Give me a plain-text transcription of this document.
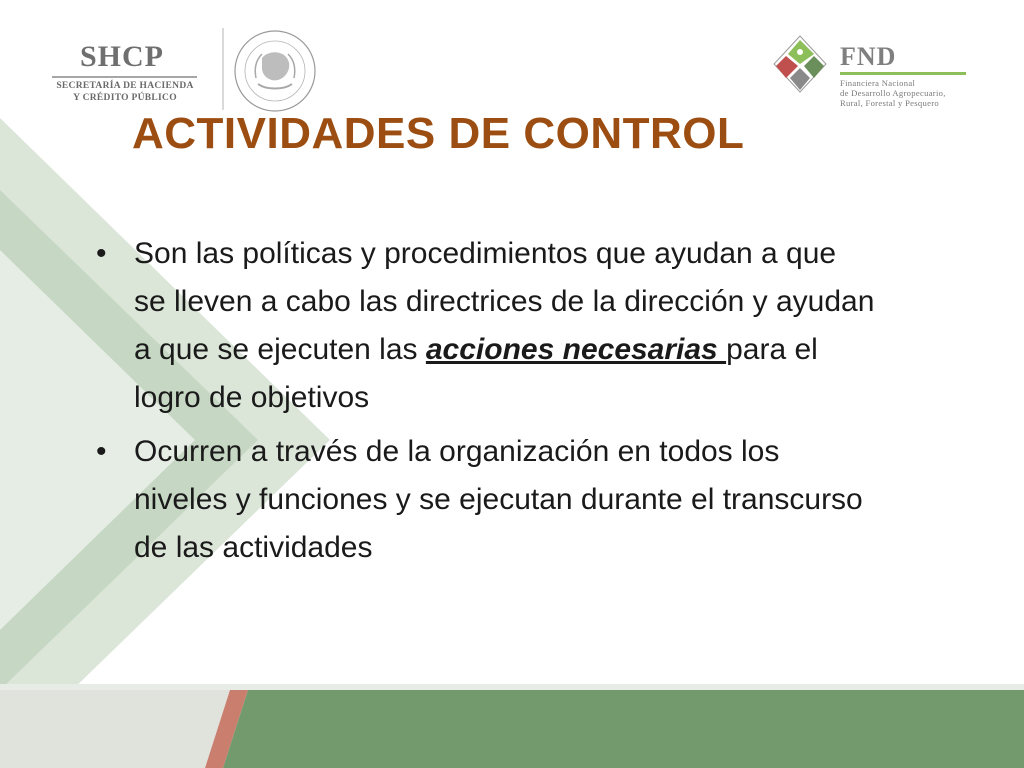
SHCP
SECRETARÍA DE HACIENDA
Y CRÉDITO PÚBLICO
FND
Financiera Nacional
de Desarrollo Agropecuario,
Rural, Forestal y Pesquero
ACTIVIDADES DE CONTROL
• Son las políticas y procedimientos que ayudan a que se lleven a cabo las directrices de la dirección y ayudan a que se ejecuten las acciones necesarias para el logro de objetivos
• Ocurren a través de la organización en todos los niveles y funciones y se ejecutan durante el transcurso de las actividades
